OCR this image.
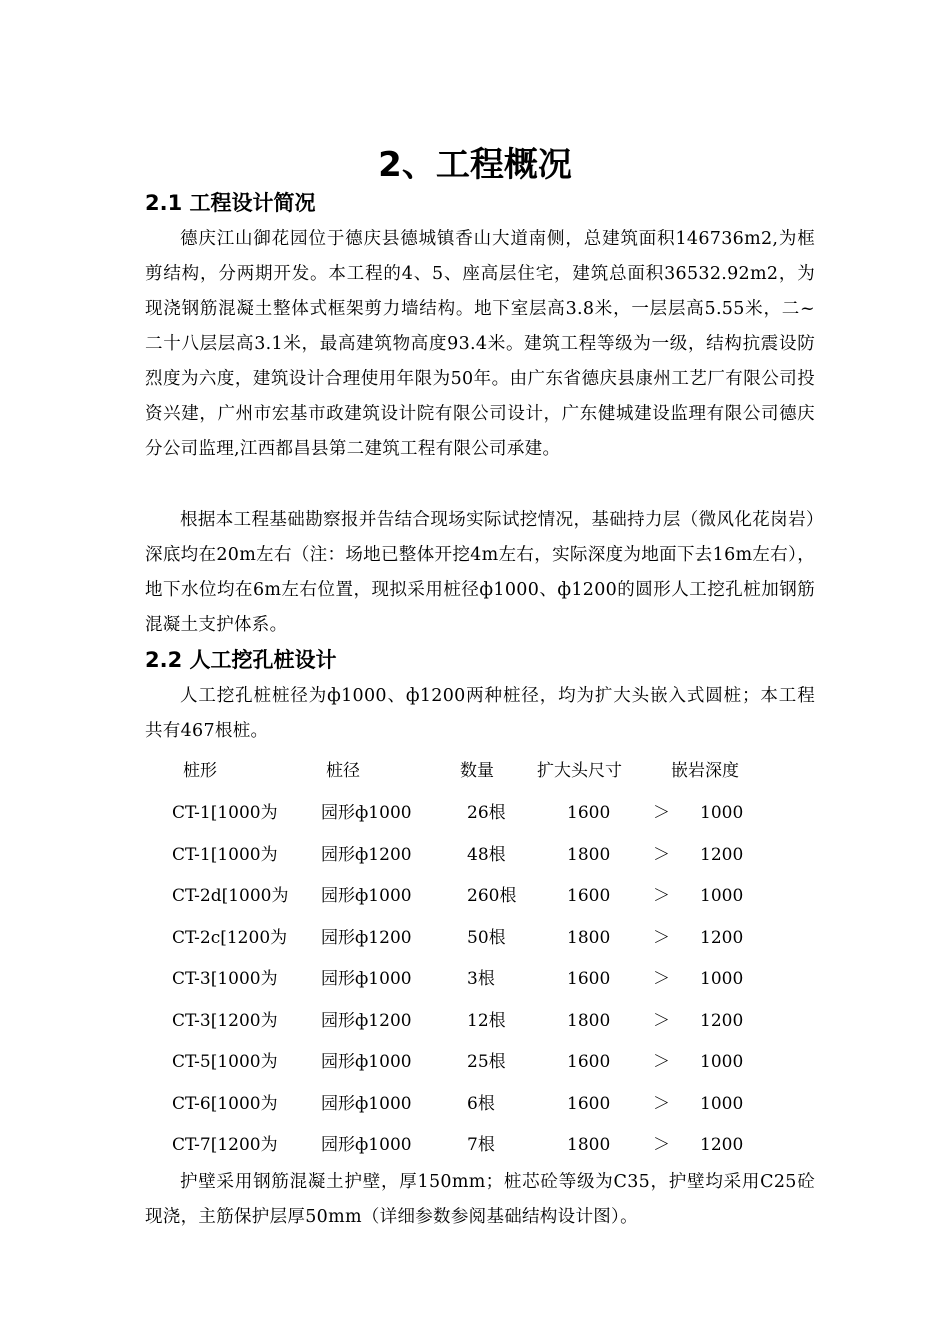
2、工程概况
2.1 工程设计简况

德庆江山御花园位于德庆县德城镇香山大道南侧，总建筑面积146736m2,为框剪结构，分两期开发。本工程的4、5、座高层住宅，建筑总面积36532.92m2，为现浇钢筋混凝土整体式框架剪力墙结构。地下室层高3.8米，一层层高5.55米，二~二十八层层高3.1米，最高建筑物高度93.4米。建筑工程等级为一级，结构抗震设防烈度为六度，建筑设计合理使用年限为50年。由广东省德庆县康州工艺厂有限公司投资兴建，广州市宏基市政建筑设计院有限公司设计，广东健城建设监理有限公司德庆分公司监理,江西都昌县第二建筑工程有限公司承建。

根据本工程基础勘察报并告结合现场实际试挖情况，基础持力层（微风化花岗岩）深底均在20m左右（注：场地已整体开挖4m左右，实际深度为地面下去16m左右），地下水位均在6m左右位置，现拟采用桩径ф1000、ф1200的圆形人工挖孔桩加钢筋混凝土支护体系。

2.2 人工挖孔桩设计

人工挖孔桩桩径为ф1000、ф1200两种桩径，均为扩大头嵌入式圆桩；本工程共有467根桩。

桩形	桩径	数量	扩大头尺寸	嵌岩深度
CT-1[1000为	园形ф1000	26根	1600	＞ 1000
CT-1[1000为	园形ф1200	48根	1800	＞ 1200
CT-2d[1000为 园形ф1000	260根	1600	＞ 1000
CT-2c[1200为 园形ф1200	50根	1800	＞ 1200
CT-3[1000为	园形ф1000	3根	1600	＞ 1000
CT-3[1200为	园形ф1200	12根	1800	＞ 1200
CT-5[1000为	园形ф1000	25根	1600	＞ 1000
CT-6[1000为	园形ф1000	6根	1600	＞ 1000
CT-7[1200为	园形ф1000	7根	1800	＞ 1200

护壁采用钢筋混凝土护壁，厚150mm；桩芯砼等级为C35，护壁均采用C25砼现浇，主筋保护层厚50mm（详细参数参阅基础结构设计图）。
